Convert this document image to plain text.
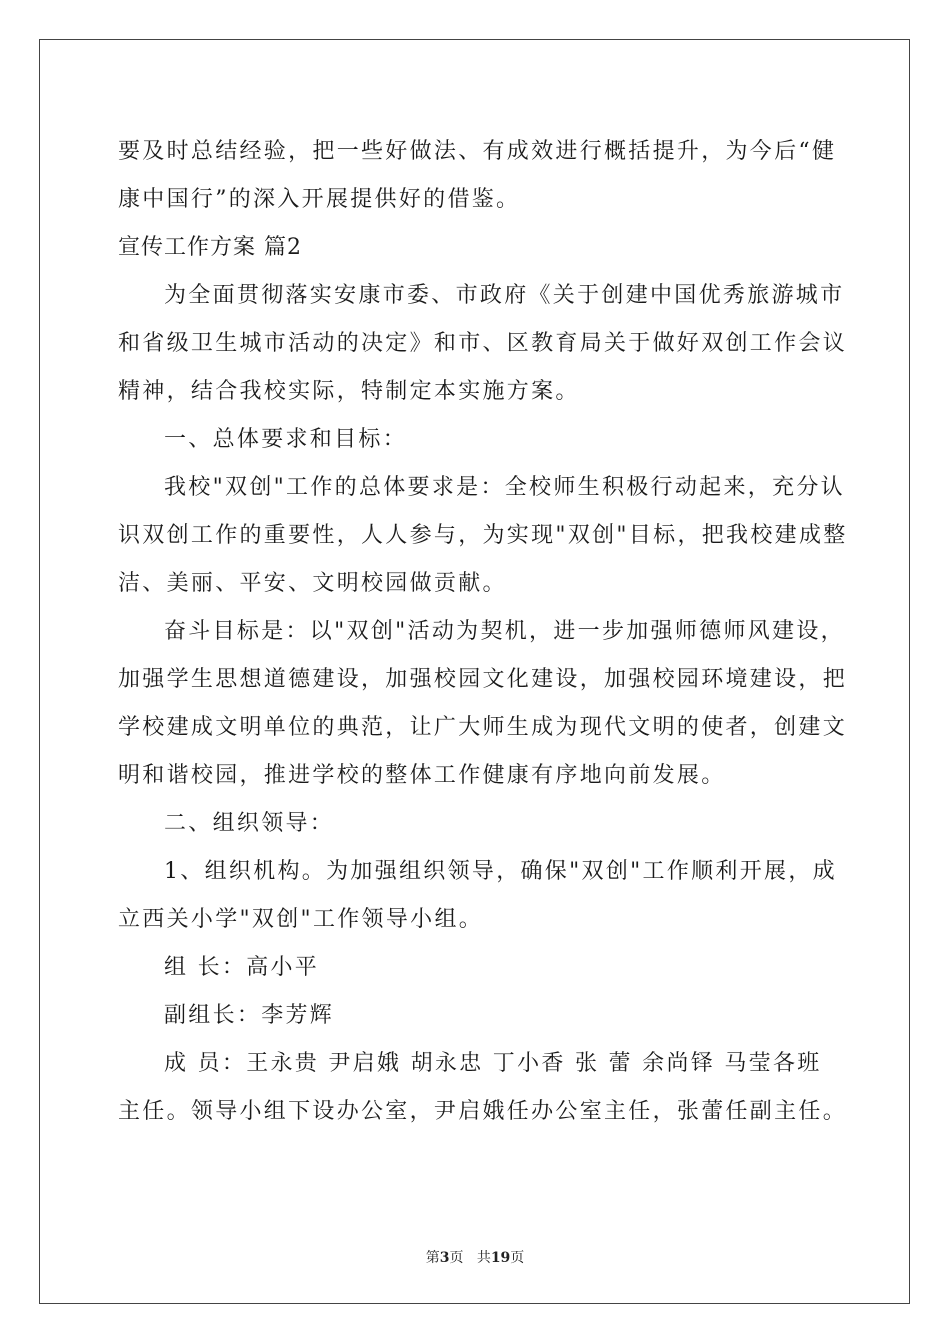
要及时总结经验，把一些好做法、有成效进行概括提升，为今后“健
康中国行”的深入开展提供好的借鉴。
宣传工作方案 篇2
为全面贯彻落实安康市委、市政府《关于创建中国优秀旅游城市
和省级卫生城市活动的决定》和市、区教育局关于做好双创工作会议
精神，结合我校实际，特制定本实施方案。
一、总体要求和目标：
我校"双创"工作的总体要求是：全校师生积极行动起来，充分认
识双创工作的重要性，人人参与，为实现"双创"目标，把我校建成整
洁、美丽、平安、文明校园做贡献。
奋斗目标是：以"双创"活动为契机，进一步加强师德师风建设，
加强学生思想道德建设，加强校园文化建设，加强校园环境建设，把
学校建成文明单位的典范，让广大师生成为现代文明的使者，创建文
明和谐校园，推进学校的整体工作健康有序地向前发展。
二、组织领导：
1、组织机构。为加强组织领导，确保"双创"工作顺利开展，成
立西关小学"双创"工作领导小组。
组 长：高小平
副组长：李芳辉
成 员：王永贵 尹启娥 胡永忠 丁小香 张 蕾 余尚铎 马莹各班
主任。领导小组下设办公室，尹启娥任办公室主任，张蕾任副主任。
第3页 共19页
